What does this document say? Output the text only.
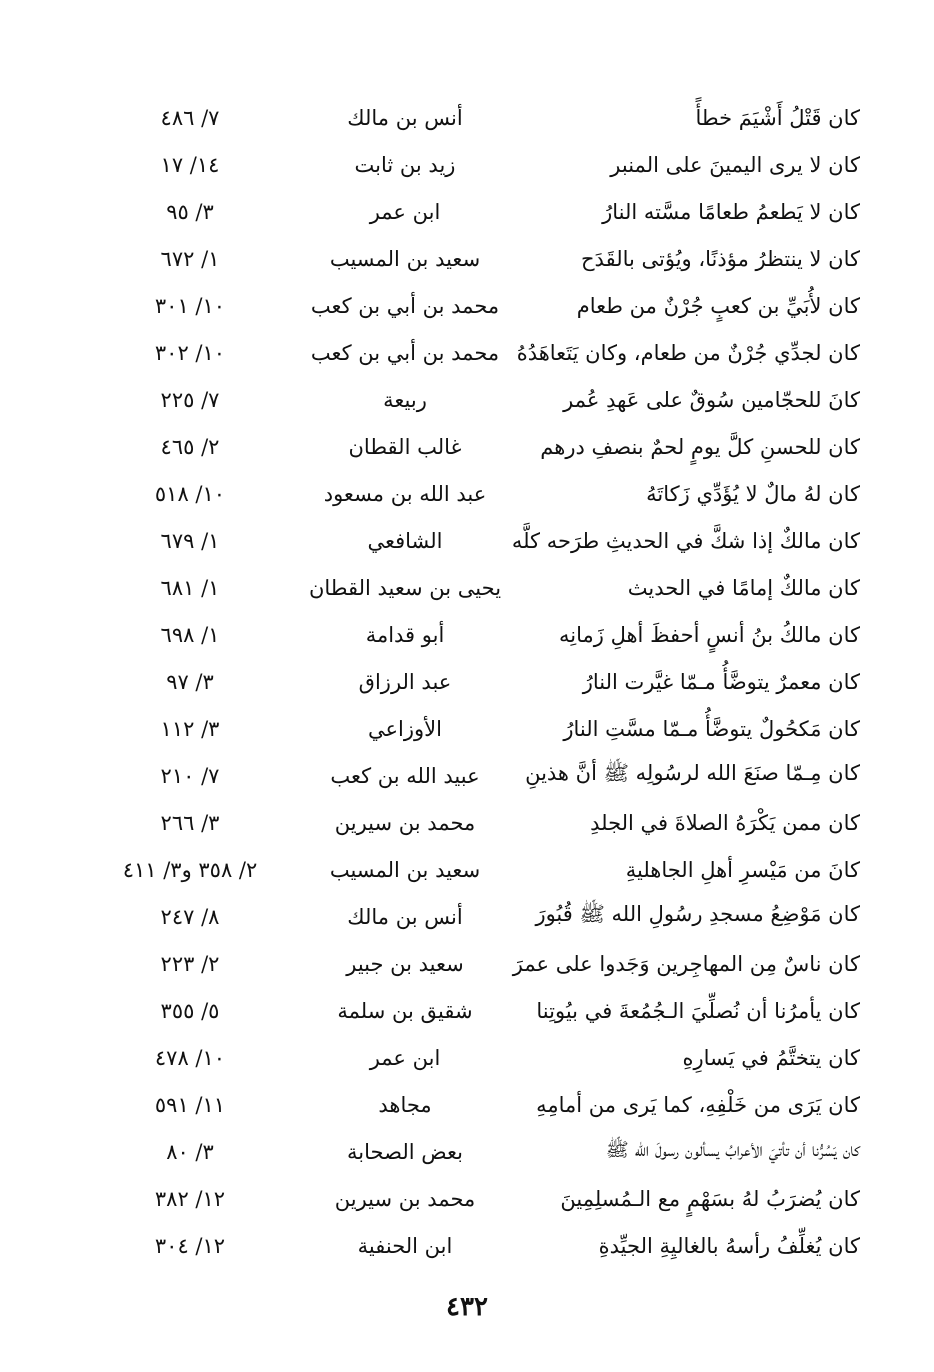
كان قَتْلُ أَشْيَمَ خطأً
أنس بن مالك
٧/ ٤٨٦
كان لا يرى اليمينَ على المنبر
زيد بن ثابت
١٤/ ١٧
كان لا يَطعمُ طعامًا مسَّته النارُ
ابن عمر
٣/ ٩٥
كان لا ينتظرُ مؤذنًا، ويُؤتى بالقَدَح
سعيد بن المسيب
١/ ٦٧٢
كان لأُبَيِّ بن كعبٍ جُرْنٌ من طعام
محمد بن أبي بن كعب
١٠/ ٣٠١
كان لجدِّي جُرْنٌ من طعام، وكان يَتَعاهَدُهُ
محمد بن أبي بن كعب
١٠/ ٣٠٢
كانَ للحجّامين سُوقٌ على عَهدِ عُمر
ربيعة
٧/ ٢٢٥
كان للحسنِ كلَّ يومٍ لحمٌ بنصفِ درهم
غالب القطان
٢/ ٤٦٥
كان لهُ مالٌ لا يُؤَدِّي زَكاتَهُ
عبد الله بن مسعود
١٠/ ٥١٨
كان مالكٌ إذا شكَّ في الحديثِ طرَحه كلَّه
الشافعي
١/ ٦٧٩
كان مالكٌ إمامًا في الحديث
يحيى بن سعيد القطان
١/ ٦٨١
كان مالكُ بنُ أنسٍ أحفظَ أهلِ زَمانِه
أبو قدامة
١/ ٦٩٨
كان معمرٌ يتوضَّأُ مـمّا غيَّرت النارُ
عبد الرزاق
٣/ ٩٧
كان مَكحُولٌ يتوضَّأُ مـمّا مسَّتِ النارُ
الأوزاعي
٣/ ١١٢
كان مِـمّا صنَعَ الله لرسُولِه ﷺ أنَّ هذينِ
عبيد الله بن كعب
٧/ ٢١٠
كان ممن يَكْرَهُ الصلاةَ في الجلدِ
محمد بن سيرين
٣/ ٢٦٦
كانَ من مَيْسرِ أهلِ الجاهليةِ
سعيد بن المسيب
٢/ ٣٥٨ و٣/ ٤١١
كان مَوْضِعُ مسجدِ رسُولِ الله ﷺ قُبُورَ
أنس بن مالك
٨/ ٢٤٧
كان ناسٌ مِن المهاجِرين وَجَدوا على عمرَ
سعيد بن جبير
٢/ ٢٢٣
كان يأمرُنا أن نُصلِّيَ الـجُمُعةَ في بيُوتِنا
شقيق بن سلمة
٥/ ٣٥٥
كان يتختَّمُ في يَسارِهِ
ابن عمر
١٠/ ٤٧٨
كان يَرَى من خَلْفِهِ، كما يَرى من أمامِهِ
مجاهد
١١/ ٥٩١
كان يَسُرُّنا أن تأتيَ الأعرابُ يسألون رسولَ الله ﷺ
بعض الصحابة
٣/ ٨٠
كان يُضرَبُ لهُ بسَهْمٍ مع الـمُسلِمِينَ
محمد بن سيرين
١٢/ ٣٨٢
كان يُغلِّفُ رأسهُ بالغاليِةِ الجيِّدةِ
ابن الحنفية
١٢/ ٣٠٤
٤٣٢
